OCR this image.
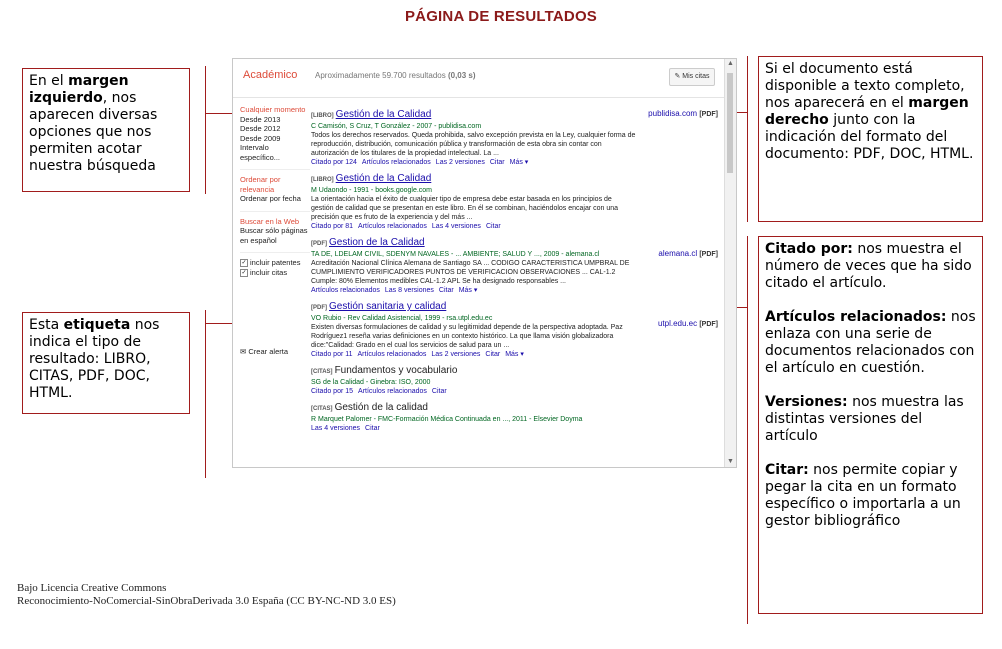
PÁGINA DE RESULTADOS
En el margen izquierdo, nos aparecen diversas opciones que nos permiten acotar nuestra búsqueda
Esta etiqueta nos indica el tipo de resultado: LIBRO, CITAS, PDF, DOC, HTML.
Si el documento está disponible a texto completo, nos aparecerá en el margen derecho junto con la indicación del formato del documento: PDF, DOC, HTML.
Citado por: nos muestra el número de veces que ha sido citado el artículo.
Artículos relacionados: nos enlaza con una serie de documentos relacionados con el artículo en cuestión.
Versiones: nos muestra las distintas versiones del artículo
Citar: nos permite copiar y pegar la cita en un formato específico o importarla a un gestor bibliográfico
Académico Aproximadamente 59.700 resultados (0,03 s)	✎ Mis citas
▲
▼
Cualquier momento
Desde 2013
Desde 2012
Desde 2009
Intervalo específico...
Ordenar por relevancia
Ordenar por fecha
Buscar en la Web
Buscar sólo páginas en español
✓ incluir patentes
✓ incluir citas
✉ Crear alerta
[LIBRO] Gestión de la Calidad
C Camisón, S Cruz, T González - 2007 - publidisa.com
Todos los derechos reservados. Queda prohibida, salvo excepción prevista en la Ley, cualquier forma de reproducción, distribución, comunicación pública y transformación de esta obra sin contar con autorización de los titulares de la propiedad intelectual. La ...
Citado por 124 Artículos relacionados Las 2 versiones Citar Más ▾
[LIBRO] Gestión de la Calidad
M Udaondo - 1991 - books.google.com
La orientación hacia el éxito de cualquier tipo de empresa debe estar basada en los principios de gestión de calidad que se presentan en este libro. En él se combinan, haciéndolos encajar con una precisión que es fruto de la experiencia y del más ...
Citado por 81 Artículos relacionados Las 4 versiones Citar
[PDF] Gestion de la Calidad
TA DE, LDELAM CIVIL, SDENYM NAVALES - ... AMBIENTE; SALUD Y ..., 2009 - alemana.cl
Acreditación Nacional Clínica Alemana de Santiago SA ... CODIGO CARACTERISTICA UMPBRAL DE CUMPLIMIENTO VERIFICADORES PUNTOS DE VERIFICACION OBSERVACIONES ... CAL-1.2 Cumple: 80% Elementos medibles CAL-1.2 APL Se ha designado responsables ...
Artículos relacionados Las 8 versiones Citar Más ▾
[PDF] Gestión sanitaria y calidad
VO Rubio - Rev Calidad Asistencial, 1999 - rsa.utpl.edu.ec
Existen diversas formulaciones de calidad y su legitimidad depende de la perspectiva adoptada. Paz Rodríguez1 reseña varias definiciones en un contexto histórico. La que llama visión globalizadora dice:"Calidad: Grado en el cual los servicios de salud para un ...
Citado por 11 Artículos relacionados Las 2 versiones Citar Más ▾
[CITAS] Fundamentos y vocabulario
SG de la Calidad - Ginebra: ISO, 2000
Citado por 15 Artículos relacionados Citar
[CITAS] Gestión de la calidad
R Marquet Palomer - FMC-Formación Médica Continuada en ..., 2011 - Elsevier Doyma
Las 4 versiones Citar
publidisa.com [PDF]
alemana.cl [PDF]
utpl.edu.ec [PDF]
Bajo Licencia Creative Commons
Reconocimiento-NoComercial-SinObraDerivada 3.0 España (CC BY-NC-ND 3.0 ES)
